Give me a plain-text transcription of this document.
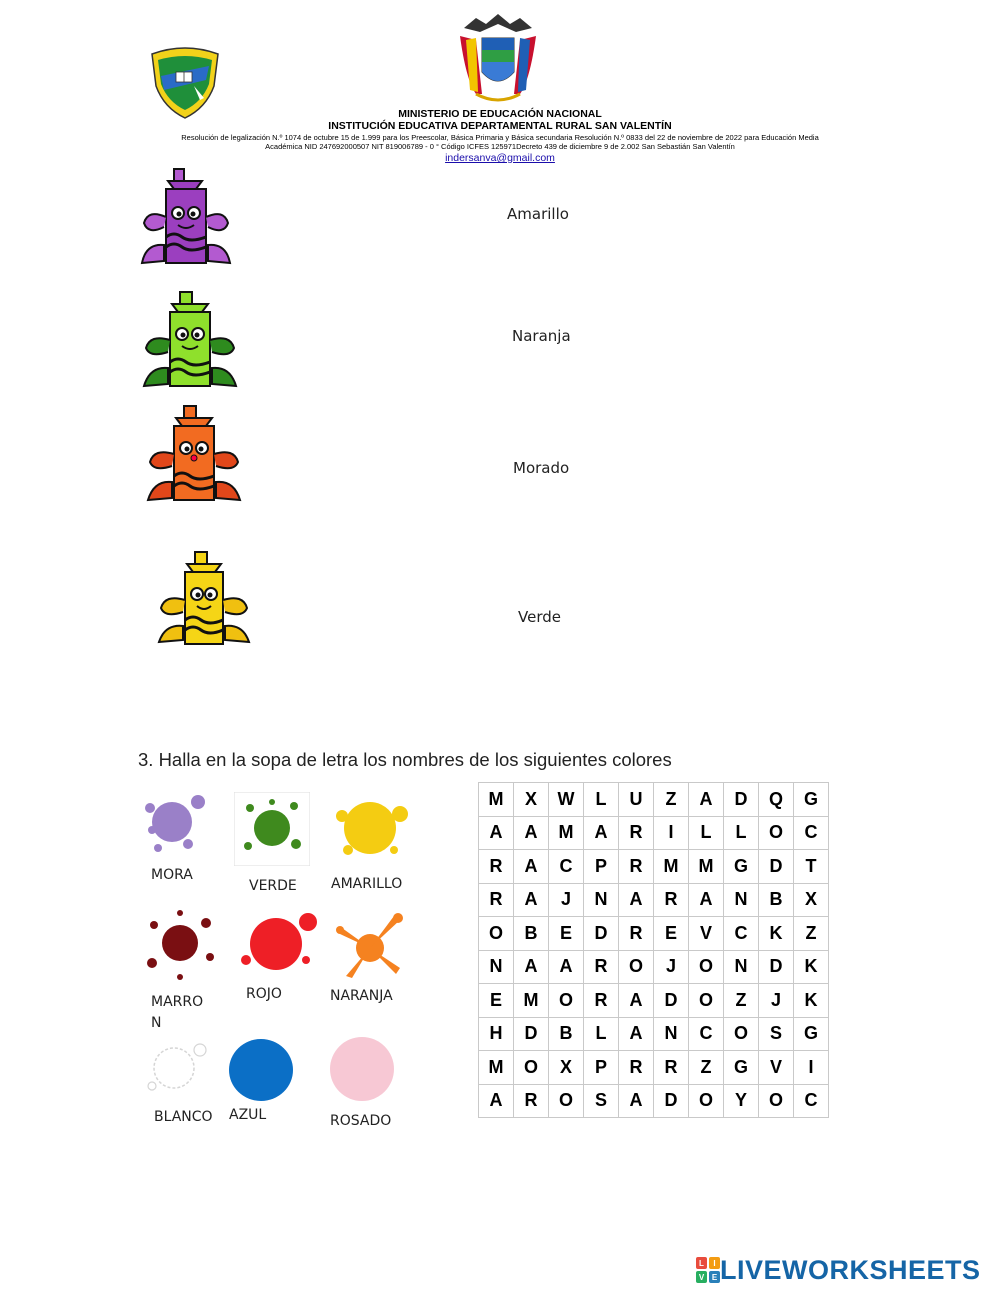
MINISTERIO DE EDUCACIÓN NACIONAL
INSTITUCIÓN EDUCATIVA DEPARTAMENTAL RURAL SAN VALENTÍN
Resolución de legalización N.º 1074 de octubre 15 de 1.999 para los Preescolar, Básica Primaria y Básica secundaria Resolución N.º 0833 del 22 de noviembre de 2022 para Educación Media
Académica NID 247692000507 NIT 819006789 - 0 ° Código ICFES 125971Decreto 439 de diciembre 9 de 2.002 San Sebastián San Valentín
indersanva@gmail.com
Amarillo
Naranja
Morado
Verde
3. Halla en la sopa de letra los nombres de los siguientes colores
MORA
VERDE AMARILLO
MARRO
N
ROJO	NARANJA
BLANCO AZUL	ROSADO
M	X	W	L	U	Z	A	D	Q	G
A	A	M	A	R	I	L	L	O	C
R	A	C	P	R	M	M	G	D	T
R	A	J	N	A	R	A	N	B	X
O	B	E	D	R	E	V	C	K	Z
N	A	A	R	O	J	O	N	D	K
E	M	O	R	A	D	O	Z	J	K
H	D	B	L	A	N	C	O	S	G
M	O	X	P	R	R	Z	G	V	I
A	R	O	S	A	D	O	Y	O	C
L I
V E LIVEWORKSHEETS
